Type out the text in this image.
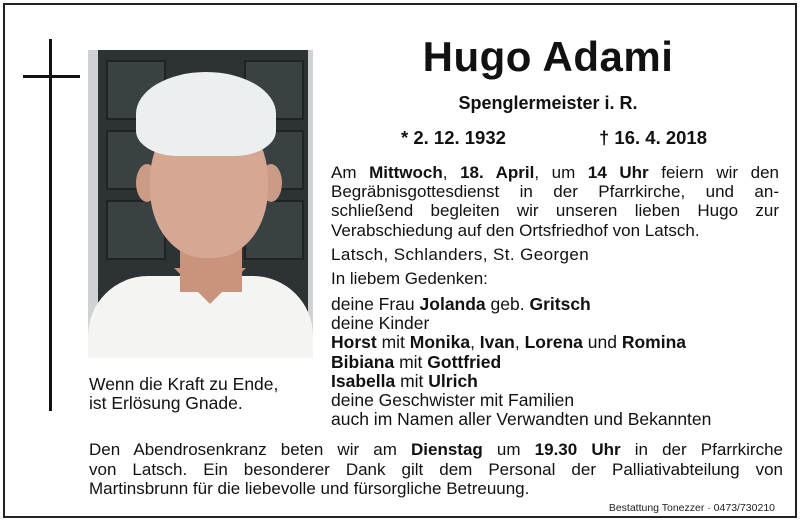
Wenn die Kraft zu Ende,
ist Erlösung Gnade.
Hugo Adami
Spenglermeister i. R.
* 2. 12. 1932	† 16. 4. 2018
Am Mittwoch, 18. April, um 14 Uhr feiern wir den
Begräbnisgottesdienst in der Pfarrkirche, und an-
schließend begleiten wir unseren lieben Hugo zur
Verabschiedung auf den Ortsfriedhof von Latsch.
Latsch, Schlanders, St. Georgen
In liebem Gedenken:
deine Frau Jolanda geb. Gritsch
deine Kinder
Horst mit Monika, Ivan, Lorena und Romina
Bibiana mit Gottfried
Isabella mit Ulrich
deine Geschwister mit Familien
auch im Namen aller Verwandten und Bekannten
Den Abendrosenkranz beten wir am Dienstag um 19.30 Uhr in der Pfarrkirche
von Latsch. Ein besonderer Dank gilt dem Personal der Palliativabteilung von
Martinsbrunn für die liebevolle und fürsorgliche Betreuung.
Bestattung Tonezzer · 0473/730210
